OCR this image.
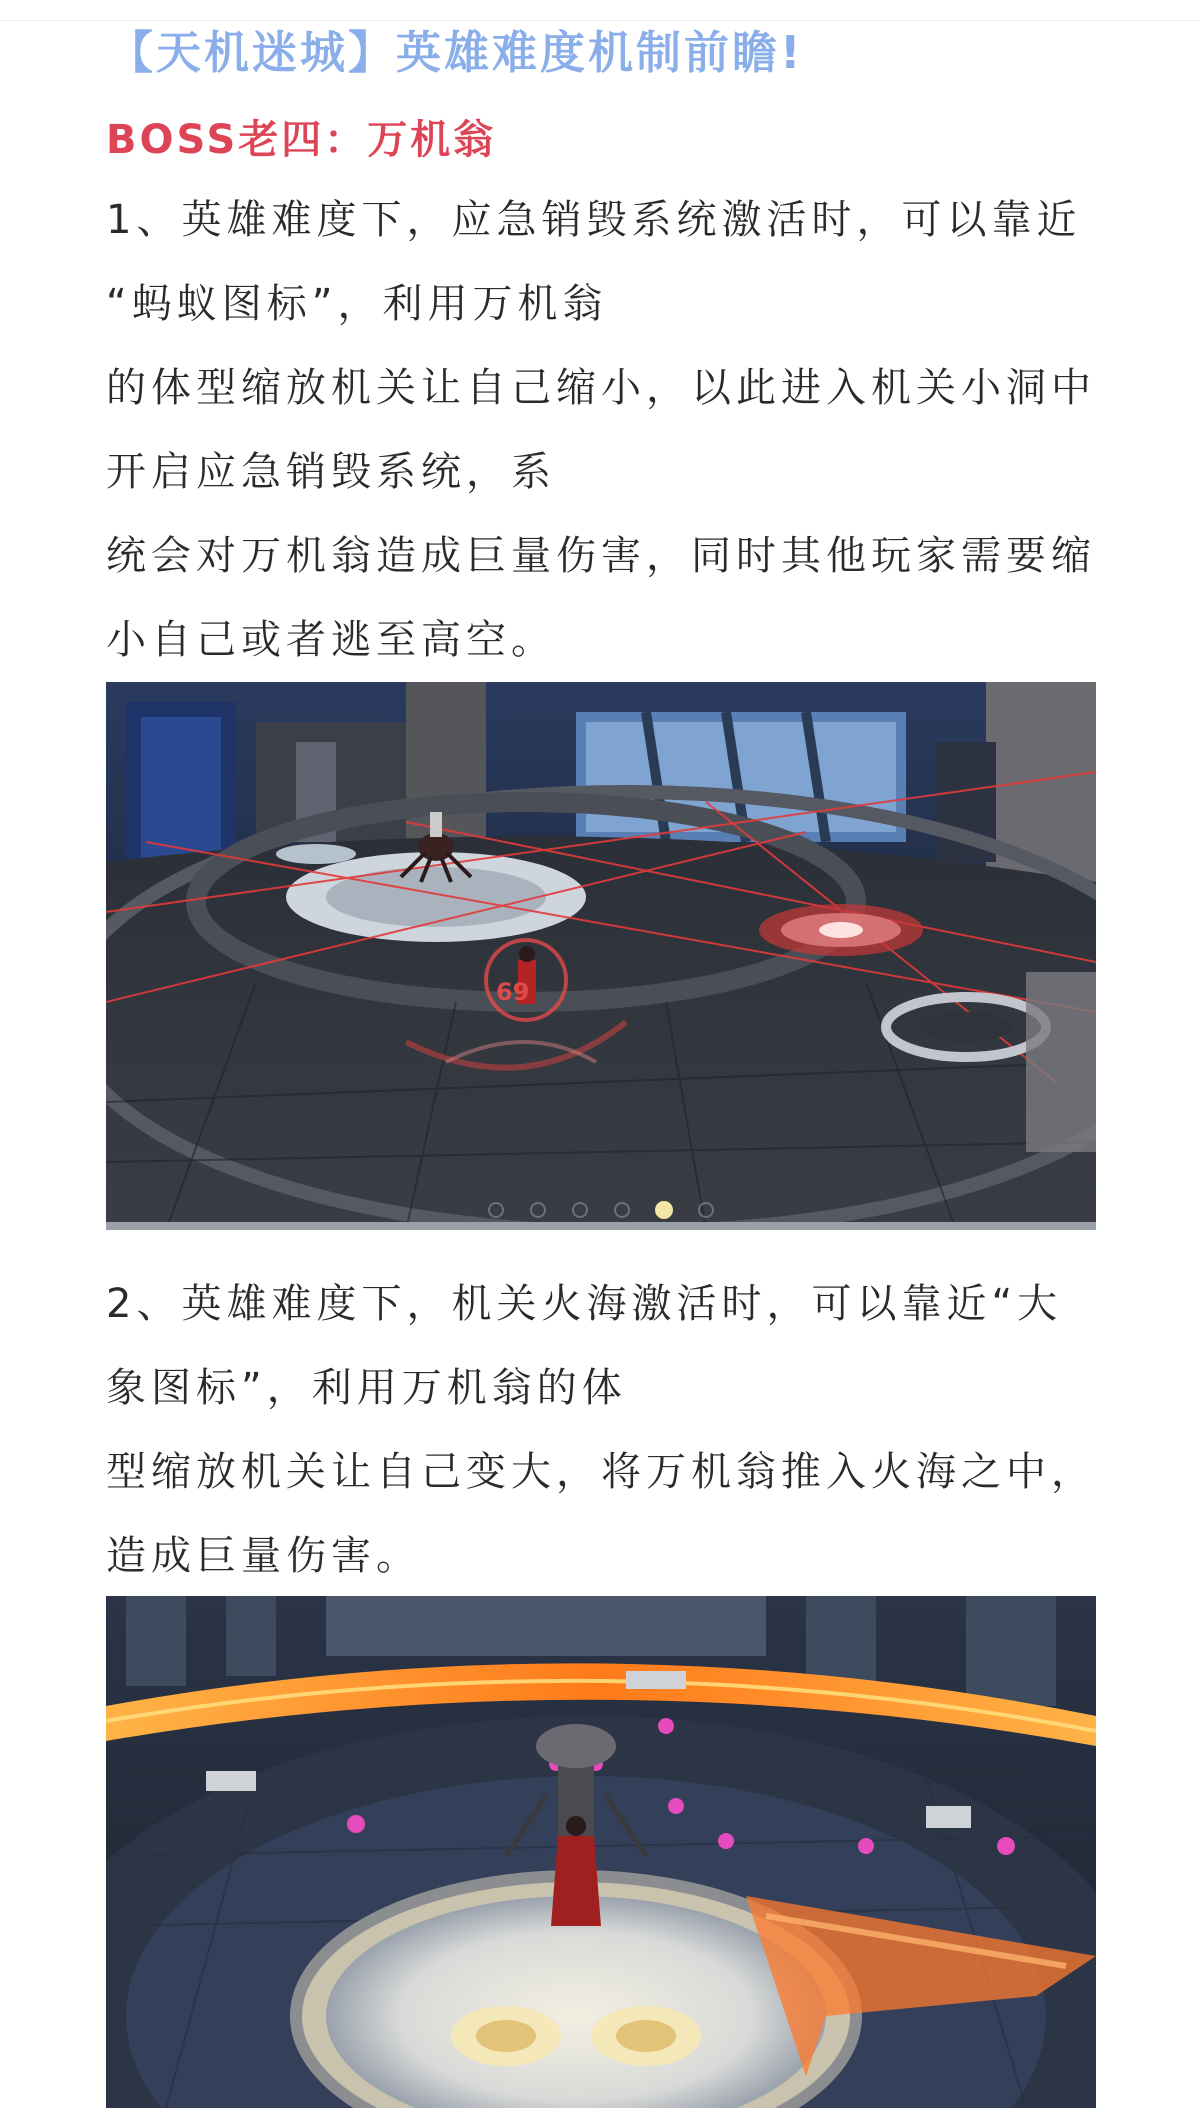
【天机迷城】英雄难度机制前瞻!
BOSS老四：万机翁
1、英雄难度下，应急销毁系统激活时，可以靠近
“蚂蚁图标”，利用万机翁
的体型缩放机关让自己缩小，以此进入机关小洞中
开启应急销毁系统，系
统会对万机翁造成巨量伤害，同时其他玩家需要缩
小自己或者逃至高空。
69
2、英雄难度下，机关火海激活时，可以靠近“大
象图标”，利用万机翁的体
型缩放机关让自己变大，将万机翁推入火海之中，
造成巨量伤害。
